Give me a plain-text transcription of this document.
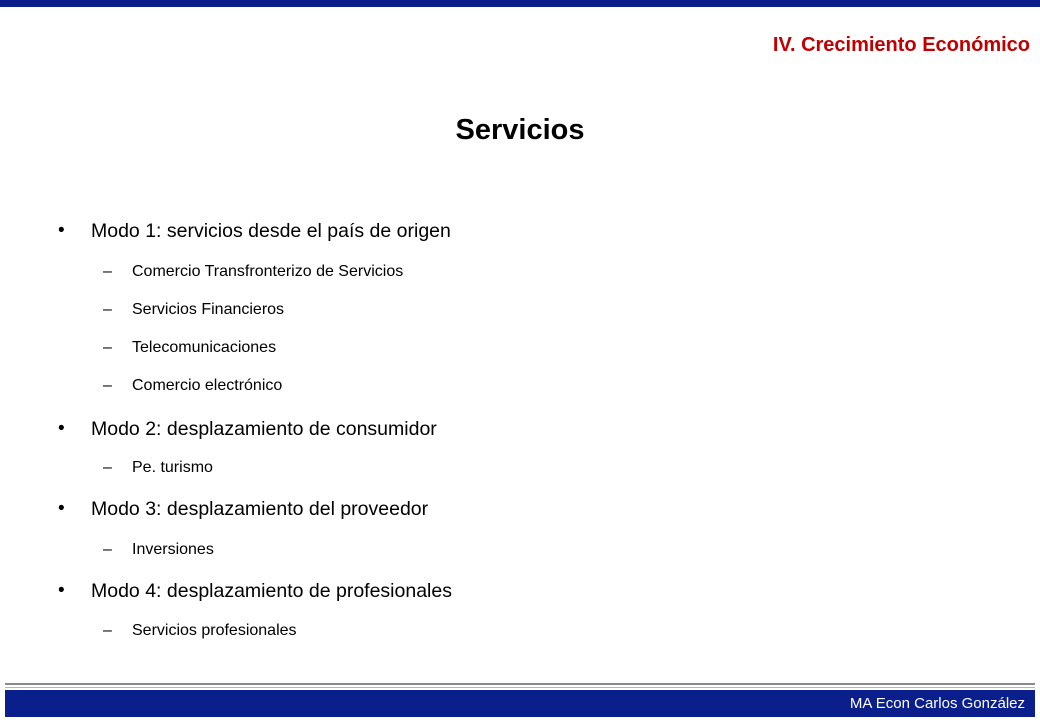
IV. Crecimiento Económico
Servicios
• Modo 1: servicios desde el país de origen
– Comercio Transfronterizo de Servicios
– Servicios Financieros
– Telecomunicaciones
– Comercio electrónico
• Modo 2: desplazamiento de consumidor
– Pe. turismo
• Modo 3: desplazamiento del proveedor
– Inversiones
• Modo 4: desplazamiento de profesionales
– Servicios profesionales
MA Econ Carlos González
